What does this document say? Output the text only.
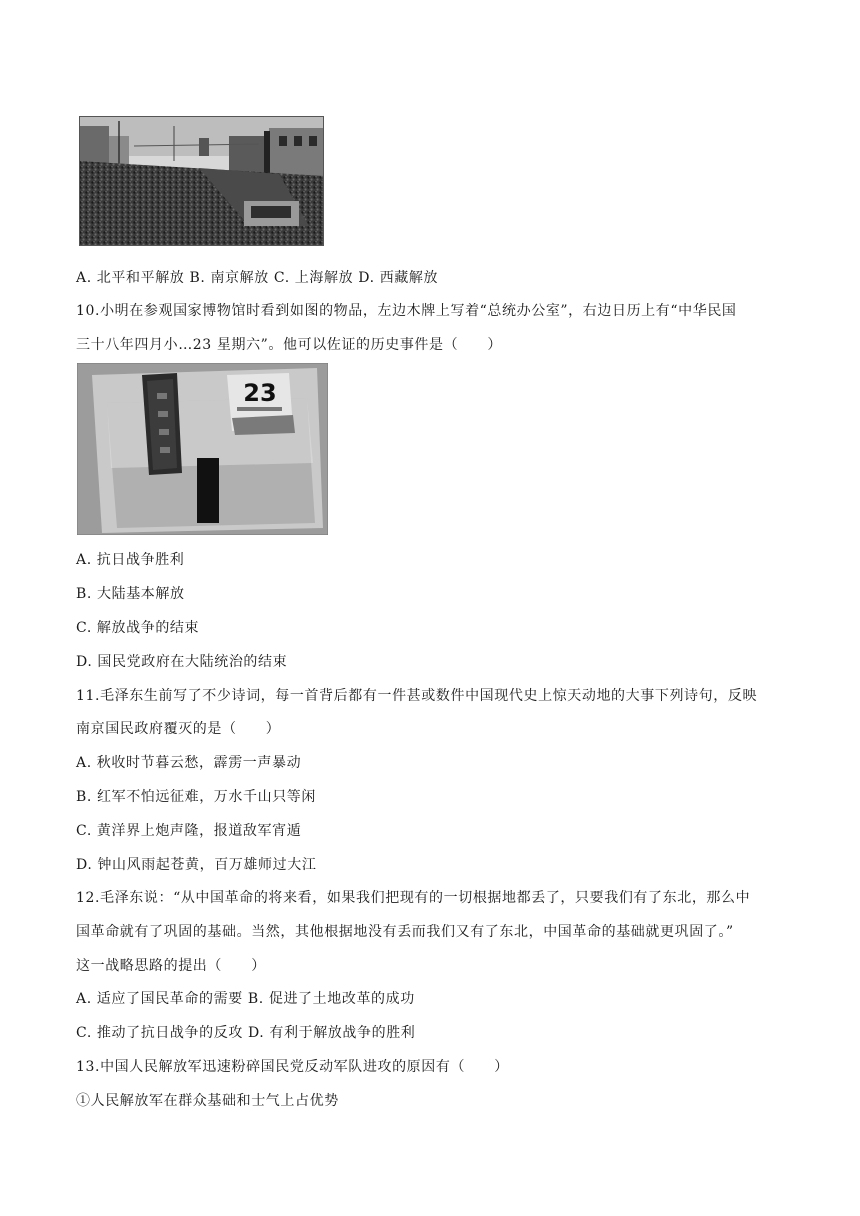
A. 北平和平解放 B. 南京解放 C. 上海解放 D. 西藏解放
10.小明在参观国家博物馆时看到如图的物品，左边木牌上写着“总统办公室”，右边日历上有“中华民国
三十八年四月小…23 星期六”。他可以佐证的历史事件是（　　）
23
A. 抗日战争胜利
B. 大陆基本解放
C. 解放战争的结束
D. 国民党政府在大陆统治的结束
11.毛泽东生前写了不少诗词，每一首背后都有一件甚或数件中国现代史上惊天动地的大事下列诗句，反映
南京国民政府覆灭的是（　　）
A. 秋收时节暮云愁，霹雳一声暴动
B. 红军不怕远征难，万水千山只等闲
C. 黄洋界上炮声隆，报道敌军宵遁
D. 钟山风雨起苍黄，百万雄师过大江
12.毛泽东说：“从中国革命的将来看，如果我们把现有的一切根据地都丢了，只要我们有了东北，那么中
国革命就有了巩固的基础。当然，其他根据地没有丢而我们又有了东北，中国革命的基础就更巩固了。”
这一战略思路的提出（　　）
A. 适应了国民革命的需要 B. 促进了土地改革的成功
C. 推动了抗日战争的反攻 D. 有利于解放战争的胜利
13.中国人民解放军迅速粉碎国民党反动军队进攻的原因有（　　）
①人民解放军在群众基础和士气上占优势
